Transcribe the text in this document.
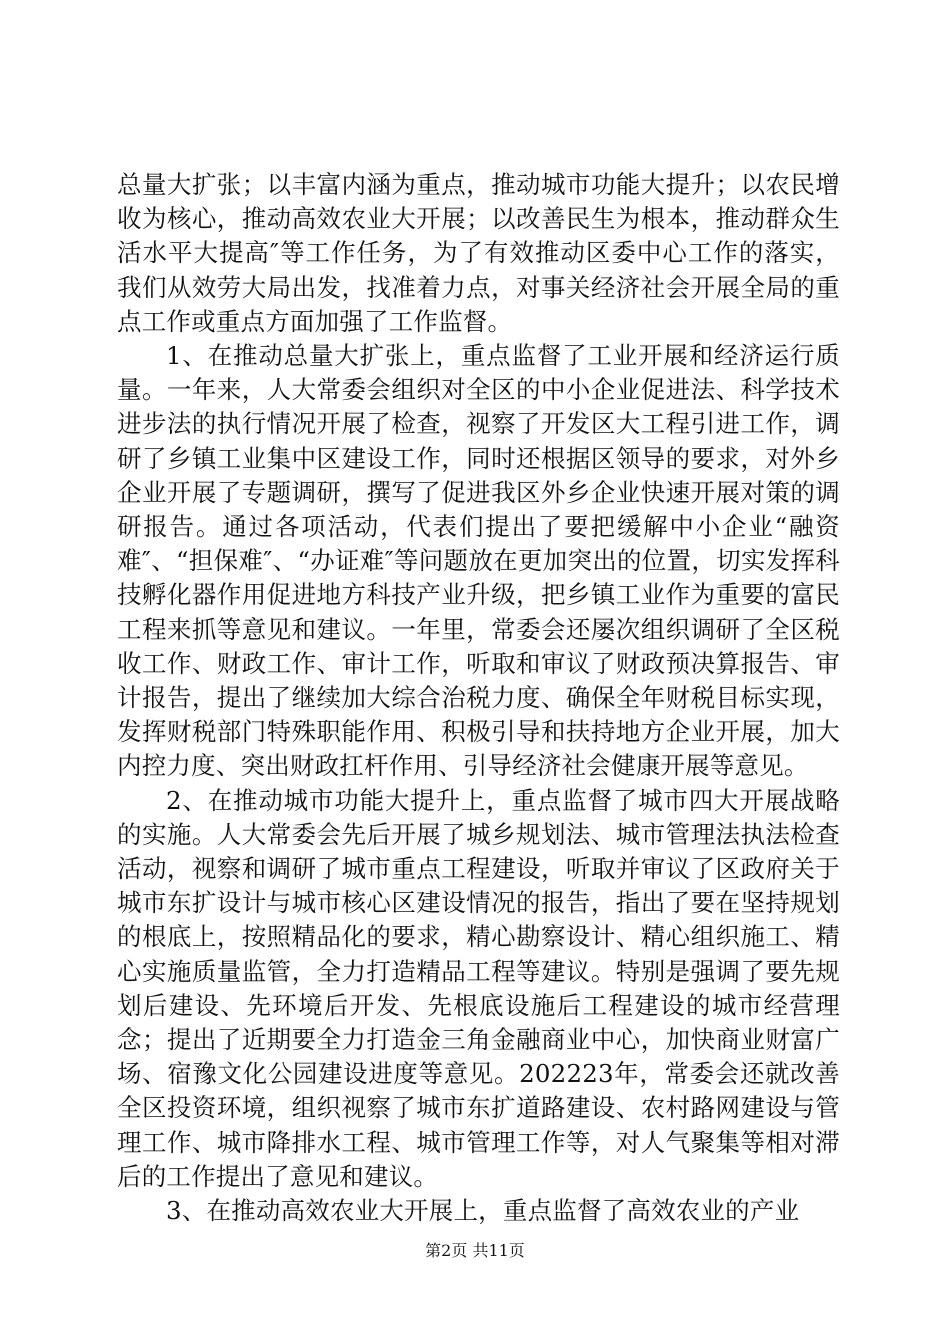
总量大扩张；以丰富内涵为重点，推动城市功能大提升；以农民增收为核心，推动高效农业大开展；以改善民生为根本，推动群众生活水平大提高″等工作任务，为了有效推动区委中心工作的落实，我们从效劳大局出发，找准着力点，对事关经济社会开展全局的重点工作或重点方面加强了工作监督。

1、在推动总量大扩张上，重点监督了工业开展和经济运行质量。一年来，人大常委会组织对全区的中小企业促进法、科学技术进步法的执行情况开展了检查，视察了开发区大工程引进工作，调研了乡镇工业集中区建设工作，同时还根据区领导的要求，对外乡企业开展了专题调研，撰写了促进我区外乡企业快速开展对策的调研报告。通过各项活动，代表们提出了要把缓解中小企业“融资难″、“担保难″、“办证难″等问题放在更加突出的位置，切实发挥科技孵化器作用促进地方科技产业升级，把乡镇工业作为重要的富民工程来抓等意见和建议。一年里，常委会还屡次组织调研了全区税收工作、财政工作、审计工作，听取和审议了财政预决算报告、审计报告，提出了继续加大综合治税力度、确保全年财税目标实现，发挥财税部门特殊职能作用、积极引导和扶持地方企业开展，加大内控力度、突出财政扛杆作用、引导经济社会健康开展等意见。

2、在推动城市功能大提升上，重点监督了城市四大开展战略的实施。人大常委会先后开展了城乡规划法、城市管理法执法检查活动，视察和调研了城市重点工程建设，听取并审议了区政府关于城市东扩设计与城市核心区建设情况的报告，指出了要在坚持规划的根底上，按照精品化的要求，精心勘察设计、精心组织施工、精心实施质量监管，全力打造精品工程等建议。特别是强调了要先规划后建设、先环境后开发、先根底设施后工程建设的城市经营理念；提出了近期要全力打造金三角金融商业中心，加快商业财富广场、宿豫文化公园建设进度等意见。202223年，常委会还就改善全区投资环境，组织视察了城市东扩道路建设、农村路网建设与管理工作、城市降排水工程、城市管理工作等，对人气聚集等相对滞后的工作提出了意见和建议。

3、在推动高效农业大开展上，重点监督了高效农业的产业

第2页 共11页
